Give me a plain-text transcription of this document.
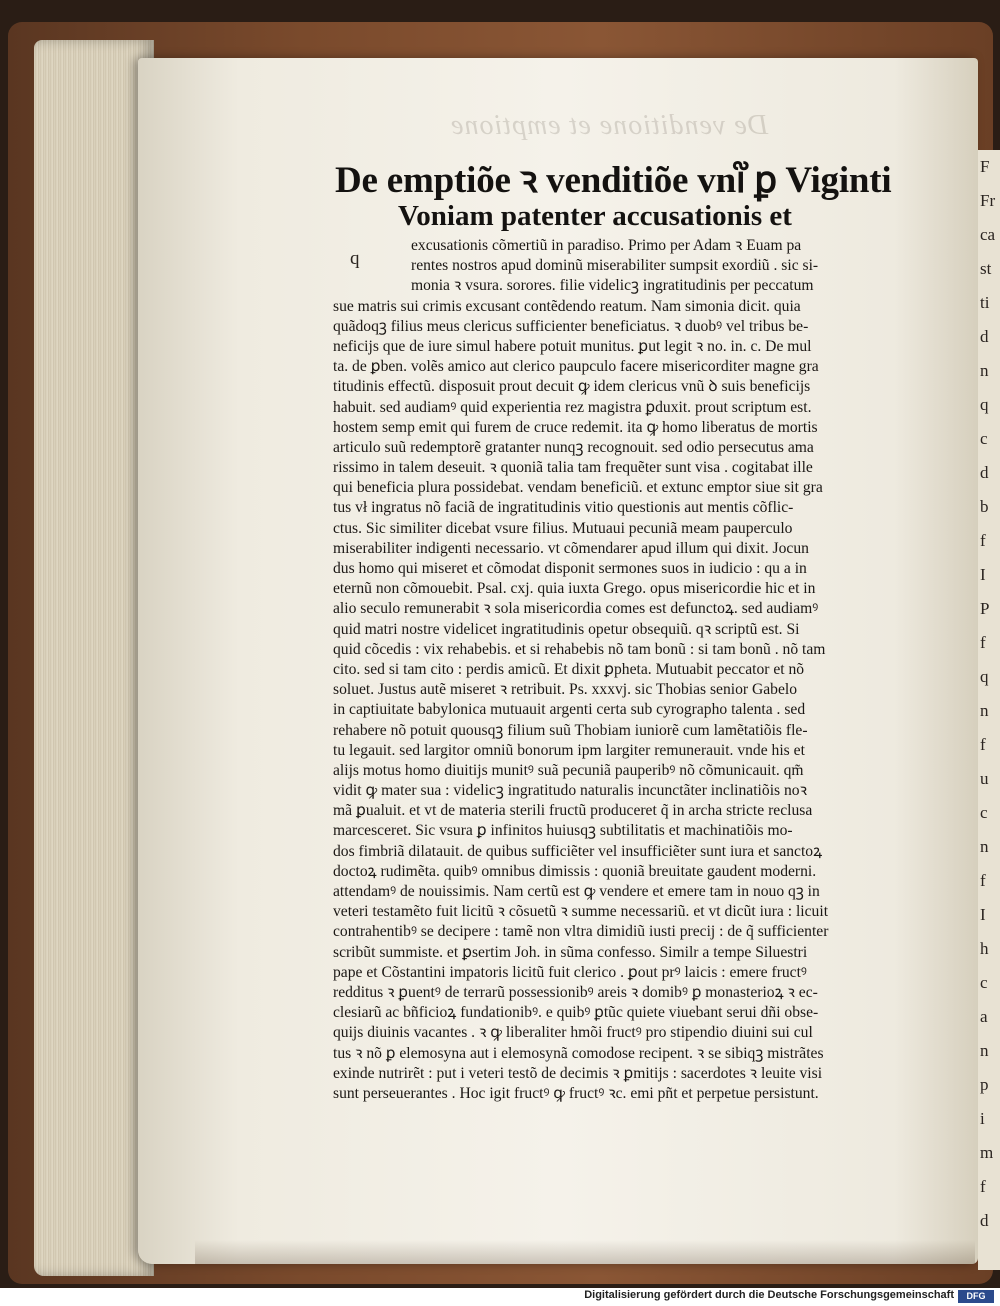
De venditione et emptione
De emptiõe ꝛ venditiõe vni᷑ ꝑ Viginti
Voniam patenter accusationis et
q
excusationis cõmertiũ in paradiso. Primo per Adam ꝛ Euam pa
rentes nostros apud dominũ miserabiliter sumpsit exordiũ . sic si-
monia ꝛ vsura. sorores. filie videlicꝫ ingratitudinis per peccatum
sue matris sui crimis excusant contẽdendo reatum. Nam simonia dicit. quia
quãdoqꝫ filius meus clericus sufficienter beneficiatus. ꝛ duobꝰ vel tribus be-
neficijs que de iure simul habere potuit munitus. ꝑut legit ꝛ no. in. c. De mul
ta. de ꝑben. volẽs amico aut clerico paupculo facere misericorditer magne gra
titudinis effectũ. disposuit prout decuit ꝙ idem clericus vnũ ꝺ suis beneficijs
habuit. sed audiamꝰ quid experientia rez magistra ꝑduxit. prout scriptum est.
hostem semp emit qui furem de cruce redemit. ita ꝙ homo liberatus de mortis
articulo suũ redemptorẽ gratanter nunqꝫ recognouit. sed odio persecutus ama
rissimo in talem deseuit. ꝛ quoniã talia tam frequẽter sunt visa . cogitabat ille
qui beneficia plura possidebat. vendam beneficiũ. et extunc emptor siue sit gra
tus vł ingratus nõ faciã de ingratitudinis vitio questionis aut mentis cõflic-
ctus. Sic similiter dicebat vsure filius. Mutuaui pecuniã meam pauperculo
miserabiliter indigenti necessario. vt cõmendarer apud illum qui dixit. Jocun
dus homo qui miseret et cõmodat disponit sermones suos in iudicio : qu a in
eternũ non cõmouebit. Psal. cxj. quia iuxta Grego. opus misericordie hic et in
alio seculo remunerabit ꝛ sola misericordia comes est defunctoꝝ. sed audiamꝰ
quid matri nostre videlicet ingratitudinis opetur obsequiũ. qꝛ scriptũ est. Si
quid cõcedis : vix rehabebis. et si rehabebis nõ tam bonũ : si tam bonũ . nõ tam
cito. sed si tam cito : perdis amicũ. Et dixit ꝑpheta. Mutuabit peccator et nõ
soluet. Justus autẽ miseret ꝛ retribuit. Ps. xxxvj. sic Thobias senior Gabelo
in captiuitate babylonica mutuauit argenti certa sub cyrographo talenta . sed
rehabere nõ potuit quousqꝫ filium suũ Thobiam iuniorẽ cum lamẽtatiõis fle-
tu legauit. sed largitor omniũ bonorum ipm largiter remunerauit. vnde his et
alijs motus homo diuitijs munitꝰ suã pecuniã pauperibꝰ nõ cõmunicauit. qm̃
vidit ꝙ mater sua : videlicꝫ ingratitudo naturalis incunctãter inclinatiõis noꝛ
mã ꝑualuit. et vt de materia sterili fructũ produceret q̃ in archa stricte reclusa
marcesceret. Sic vsura ꝑ infinitos huiusqꝫ subtilitatis et machinatiõis mo-
dos fimbriã dilatauit. de quibus sufficiẽter vel insufficiẽter sunt iura et sanctoꝝ
doctoꝝ rudimẽta. quibꝰ omnibus dimissis : quoniã breuitate gaudent moderni.
attendamꝰ de nouissimis. Nam certũ est ꝙ vendere et emere tam in nouo qꝫ in
veteri testamẽto fuit licitũ ꝛ cõsuetũ ꝛ summe necessariũ. et vt dicũt iura : licuit
contrahentibꝰ se decipere : tamẽ non vltra dimidiũ iusti precij : de q̃ sufficienter
scribũt summiste. et ꝑsertim Joh. in sũma confesso. Similr a tempe Siluestri
pape et Cõstantini impatoris licitũ fuit clerico . ꝑout prꝰ laicis : emere fructꝰ
redditus ꝛ ꝑuentꝰ de terrarũ possessionibꝰ areis ꝛ domibꝰ ꝑ monasterioꝝ ꝛ ec-
clesiarũ ac bñficioꝝ fundationibꝰ. e quibꝰ ꝑtũc quiete viuebant serui dñi obse-
quijs diuinis vacantes . ꝛ ꝙ liberaliter hmõi fructꝰ pro stipendio diuini sui cul
tus ꝛ nõ ꝑ elemosyna aut i elemosynã comodose recipent. ꝛ se sibiqꝫ mistrãtes
exinde nutrirẽt : put i veteri testõ de decimis ꝛ ꝑmitijs : sacerdotes ꝛ leuite visi
sunt perseuerantes . Hoc igit fructꝰ ꝙ fructꝰ ꝛc. emi pñt et perpetue persistunt.
F
Fr
ca
st
ti
d
n
q
c
d
b
f
I
P
f
q
n
f
u
c
n
f
I
h
c
a
n
p
i
m
f
d
Digitalisierung gefördert durch die Deutsche Forschungsgemeinschaft	DFG
